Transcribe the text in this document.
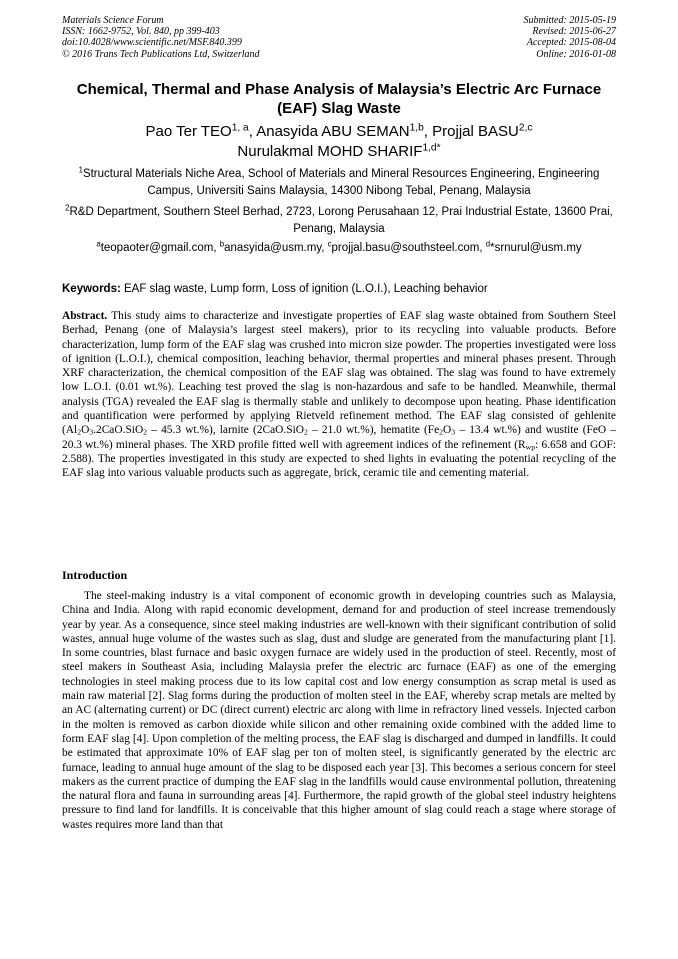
Materials Science Forum
ISSN: 1662-9752, Vol. 840, pp 399-403
doi:10.4028/www.scientific.net/MSF.840.399
© 2016 Trans Tech Publications Ltd, Switzerland
Submitted: 2015-05-19
Revised: 2015-06-27
Accepted: 2015-08-04
Online: 2016-01-08
Chemical, Thermal and Phase Analysis of Malaysia’s Electric Arc Furnace (EAF) Slag Waste
Pao Ter TEO$^{1, a}$, Anasyida ABU SEMAN$^{1,b}$, Projjal BASU$^{2,c}$
Nurulakmal MOHD $SHARIF^{1,d*}$
$^1$Structural Materials Niche Area, School of Materials and Mineral Resources Engineering, Engineering Campus, Universiti Sains Malaysia, 14300 Nibong Tebal, Penang, Malaysia
$^2$R&D Department, Southern Steel Berhad, 2723, Lorong Perusahaan 12, Prai Industrial Estate, 13600 Prai, Penang, Malaysia
$^a$teopaoter@gmail.com, $^b$anasyida@usm.my, $^c$projjal.basu@southsteel.com, $^d$*srnurul@usm.my
Keywords: EAF slag waste, Lump form, Loss of ignition (L.O.I.), Leaching behavior
Abstract. This study aims to characterize and investigate properties of EAF slag waste obtained from Southern Steel Berhad, Penang (one of Malaysia’s largest steel makers), prior to its recycling into valuable products. Before characterization, lump form of the EAF slag was crushed into micron size powder. The properties investigated were loss of ignition (L.O.I.), chemical composition, leaching behavior, thermal properties and mineral phases present. Through XRF characterization, the chemical composition of the EAF slag was obtained. The slag was found to have extremely low L.O.I. (0.01 wt.%). Leaching test proved the slag is non-hazardous and safe to be handled. Meanwhile, thermal analysis (TGA) revealed the EAF slag is thermally stable and unlikely to decompose upon heating. Phase identification and quantification were performed by applying Rietveld refinement method. The EAF slag consisted of gehlenite ($Al_2O_3.2CaO.SiO_2 - 45.3$ wt.%), larnite (2CaO.SiO$_2$ – 21.0 wt.%), hematite ($Fe_2O_3 - 13.4$ wt.%) and wustite (FeO – 20.3 wt.%) mineral phases. The XRD profile fitted well with agreement indices of the refinement ($R_{wp}$: 6.658 and GOF: 2.588). The properties investigated in this study are expected to shed lights in evaluating the potential recycling of the EAF slag into various valuable products such as aggregate, brick, ceramic tile and cementing material.
Introduction
The steel-making industry is a vital component of economic growth in developing countries such as Malaysia, China and India. Along with rapid economic development, demand for and production of steel increase tremendously year by year. As a consequence, since steel making industries are well-known with their significant contribution of solid wastes, annual huge volume of the wastes such as slag, dust and sludge are generated from the manufacturing plant [1]. In some countries, blast furnace and basic oxygen furnace are widely used in the production of steel. Recently, most of steel makers in Southeast Asia, including Malaysia prefer the electric arc furnace (EAF) as one of the emerging technologies in steel making process due to its low capital cost and low energy consumption as scrap metal is used as main raw material [2]. Slag forms during the production of molten steel in the EAF, whereby scrap metals are melted by an AC (alternating current) or DC (direct current) electric arc along with lime in refractory lined vessels. Injected carbon in the molten is removed as carbon dioxide while silicon and other remaining oxide combined with the added lime to form EAF slag [4]. Upon completion of the melting process, the EAF slag is discharged and dumped in landfills. It could be estimated that approximate 10% of EAF slag per ton of molten steel, is significantly generated by the electric arc furnace, leading to annual huge amount of the slag to be disposed each year [3]. This becomes a serious concern for steel makers as the current practice of dumping the EAF slag in the landfills would cause environmental pollution, threatening the natural flora and fauna in surrounding areas [4]. Furthermore, the rapid growth of the global steel industry heightens pressure to find land for landfills. It is conceivable that this higher amount of slag could reach a stage where storage of wastes requires more land than that
